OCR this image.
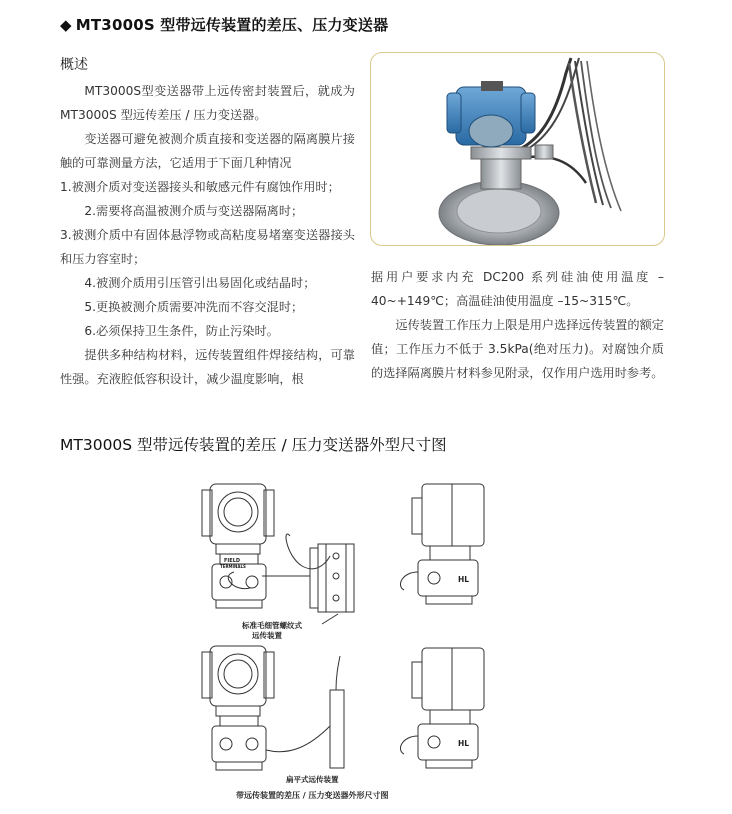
◆ MT3000S 型带远传装置的差压、压力变送器
概述

MT3000S型变送器带上远传密封装置后，就成为MT3000S 型远传差压 / 压力变送器。

变送器可避免被测介质直接和变送器的隔离膜片接触的可靠测量方法，它适用于下面几种情况

1.被测介质对变送器接头和敏感元件有腐蚀作用时；

2.需要将高温被测介质与变送器隔离时；

3.被测介质中有固体悬浮物或高粘度易堵塞变送器接头和压力容室时；

4.被测介质用引压管引出易固化或结晶时；

5.更换被测介质需要冲洗而不容交混时；

6.必须保持卫生条件，防止污染时。

提供多种结构材料，远传装置组件焊接结构，可靠性强。充液腔低容积设计，减少温度影响，根

据用户要求内充 DC200 系列硅油使用温度 –40~+149℃；高温硅油使用温度 –15~315℃。

远传装置工作压力上限是用户选择远传装置的额定值；工作压力不低于 3.5kPa(绝对压力)。对腐蚀介质的选择隔离膜片材料参见附录，仅作用户选用时参考。

MT3000S 型带远传装置的差压 / 压力变送器外型尺寸图
FIELD
TERMINALS
标准毛细管螺纹式
远传装置
HL
扁平式远传装置
HL
带远传装置的差压 / 压力变送器外形尺寸图
